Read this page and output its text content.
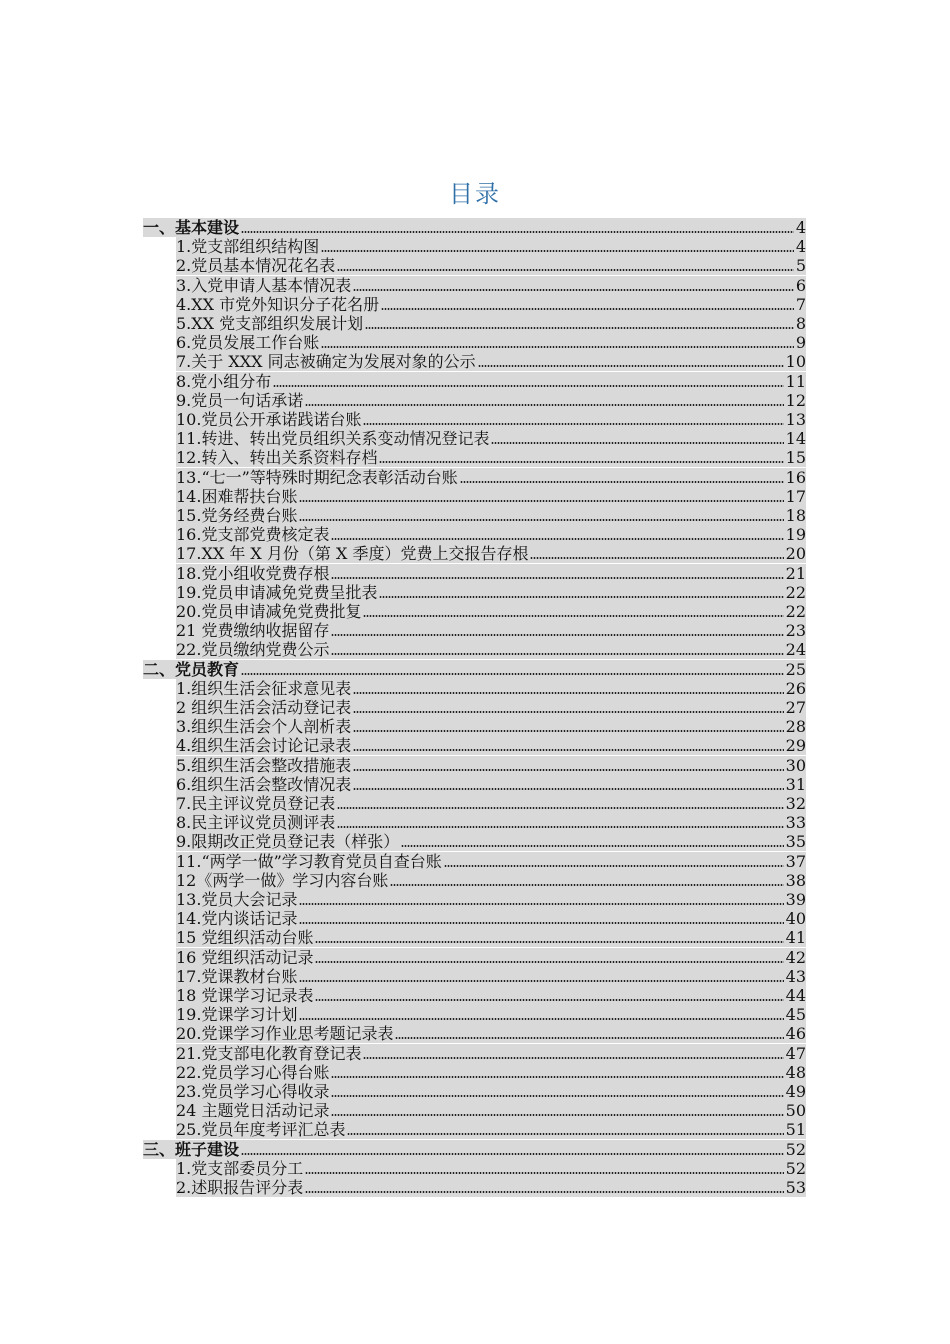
目录
一、基本建设	4
1.党支部组织结构图	4
2.党员基本情况花名表	5
3.入党申请人基本情况表	6
4.XX 市党外知识分子花名册	7
5.XX 党支部组织发展计划	8
6.党员发展工作台账	9
7.关于 XXX 同志被确定为发展对象的公示	10
8.党小组分布	11
9.党员一句话承诺	12
10.党员公开承诺践诺台账	13
11.转进、转出党员组织关系变动情况登记表	14
12.转入、转出关系资料存档	15
13.“七一”等特殊时期纪念表彰活动台账	16
14.困难帮扶台账	17
15.党务经费台账	18
16.党支部党费核定表	19
17.XX 年 X 月份（第 X 季度）党费上交报告存根	20
18.党小组收党费存根	21
19.党员申请减免党费呈批表	22
20.党员申请减免党费批复	22
21 党费缴纳收据留存	23
22.党员缴纳党费公示	24
二、党员教育	25
1.组织生活会征求意见表	26
2 组织生活会活动登记表	27
3.组织生活会个人剖析表	28
4.组织生活会讨论记录表	29
5.组织生活会整改措施表	30
6.组织生活会整改情况表	31
7.民主评议党员登记表	32
8.民主评议党员测评表	33
9.限期改正党员登记表（样张）	35
11.“两学一做”学习教育党员自查台账	37
12《两学一做》学习内容台账	38
13.党员大会记录	39
14.党内谈话记录	40
15 党组织活动台账	41
16 党组织活动记录	42
17.党课教材台账	43
18 党课学习记录表	44
19.党课学习计划	45
20.党课学习作业思考题记录表	46
21.党支部电化教育登记表	47
22.党员学习心得台账	48
23.党员学习心得收录	49
24 主题党日活动记录	50
25.党员年度考评汇总表	51
三、班子建设	52
1.党支部委员分工	52
2.述职报告评分表	53
